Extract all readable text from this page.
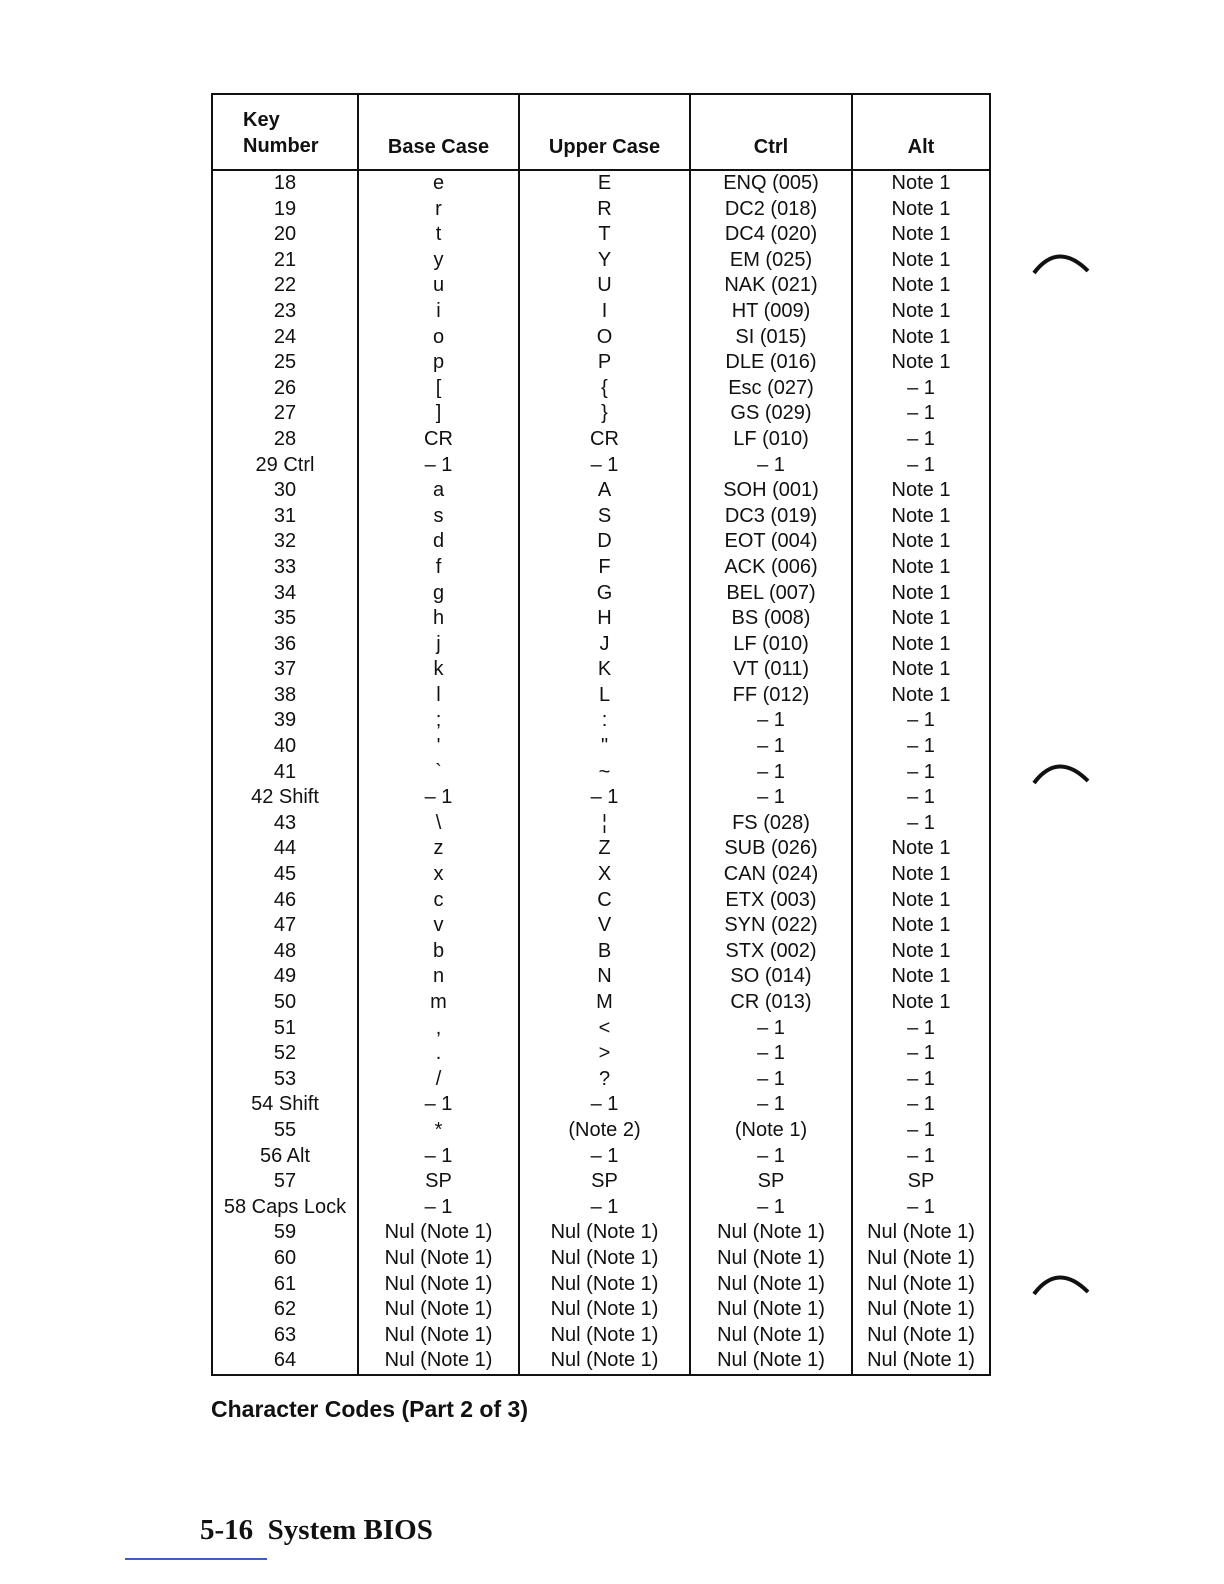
Key
Number	Base Case	Upper Case	Ctrl	Alt
18	e	E	ENQ (005)	Note 1
19	r	R	DC2 (018)	Note 1
20	t	T	DC4 (020)	Note 1
21	y	Y	EM (025)	Note 1
22	u	U	NAK (021)	Note 1
23	i	I	HT (009)	Note 1
24	o	O	SI (015)	Note 1
25	p	P	DLE (016)	Note 1
26	[	{	Esc (027)	– 1
27	]	}	GS (029)	– 1
28	CR	CR	LF (010)	– 1
29 Ctrl	– 1	– 1	– 1	– 1
30	a	A	SOH (001)	Note 1
31	s	S	DC3 (019)	Note 1
32	d	D	EOT (004)	Note 1
33	f	F	ACK (006)	Note 1
34	g	G	BEL (007)	Note 1
35	h	H	BS (008)	Note 1
36	j	J	LF (010)	Note 1
37	k	K	VT (011)	Note 1
38	l	L	FF (012)	Note 1
39	;	:	– 1	– 1
40	'	"	– 1	– 1
41	`	~	– 1	– 1
42 Shift	– 1	– 1	– 1	– 1
43	\	¦	FS (028)	– 1
44	z	Z	SUB (026)	Note 1
45	x	X	CAN (024)	Note 1
46	c	C	ETX (003)	Note 1
47	v	V	SYN (022)	Note 1
48	b	B	STX (002)	Note 1
49	n	N	SO (014)	Note 1
50	m	M	CR (013)	Note 1
51	,	<	– 1	– 1
52	.	>	– 1	– 1
53	/	?	– 1	– 1
54 Shift	– 1	– 1	– 1	– 1
55	*	(Note 2)	(Note 1)	– 1
56 Alt	– 1	– 1	– 1	– 1
57	SP	SP	SP	SP
58 Caps Lock	– 1	– 1	– 1	– 1
59	Nul (Note 1)	Nul (Note 1)	Nul (Note 1)	Nul (Note 1)
60	Nul (Note 1)	Nul (Note 1)	Nul (Note 1)	Nul (Note 1)
61	Nul (Note 1)	Nul (Note 1)	Nul (Note 1)	Nul (Note 1)
62	Nul (Note 1)	Nul (Note 1)	Nul (Note 1)	Nul (Note 1)
63	Nul (Note 1)	Nul (Note 1)	Nul (Note 1)	Nul (Note 1)
64	Nul (Note 1)	Nul (Note 1)	Nul (Note 1)	Nul (Note 1)
Character Codes (Part 2 of 3)
5-16  System BIOS
